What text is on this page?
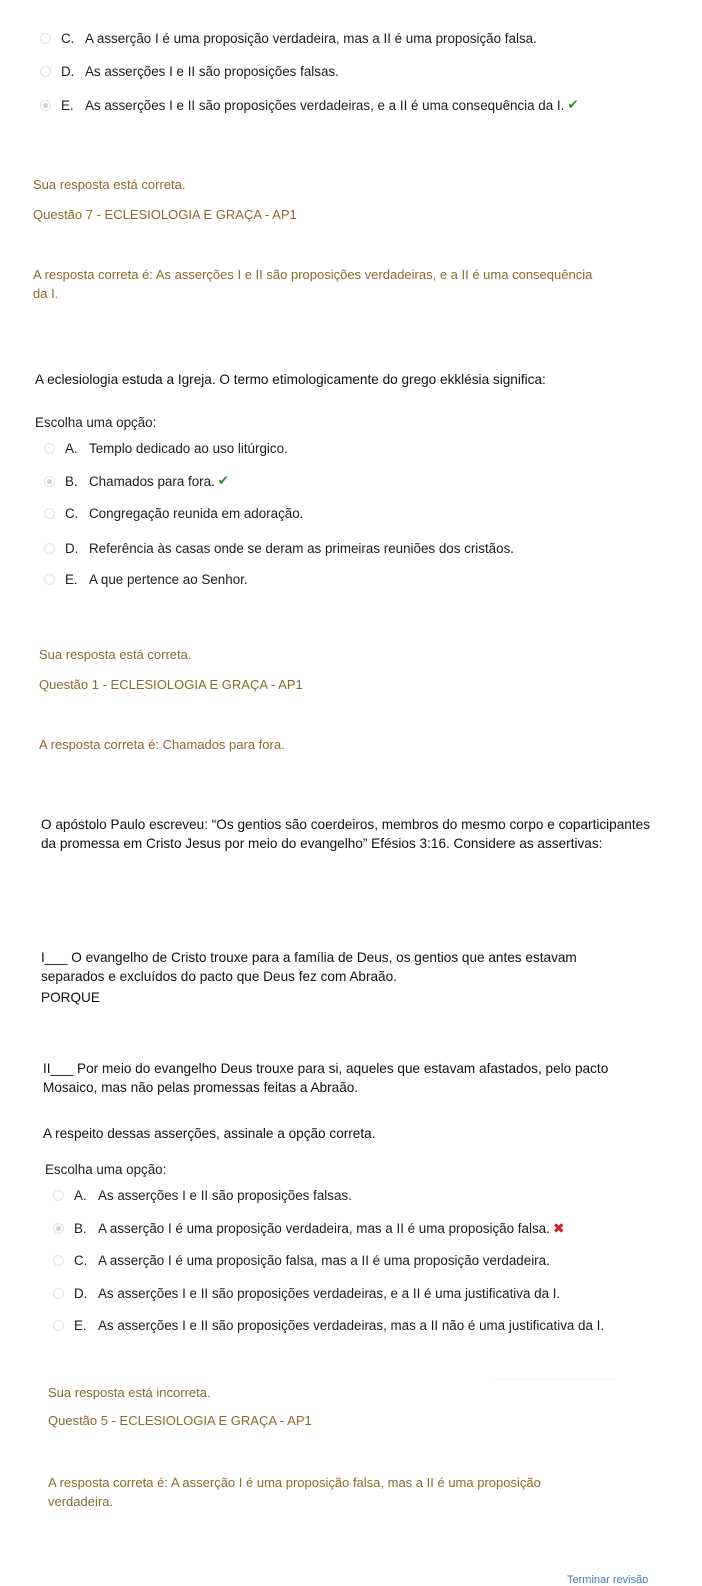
C. A asserção I é uma proposição verdadeira, mas a II é uma proposição falsa.
D. As asserções I e II são proposições falsas.
E. As asserções I e II são proposições verdadeiras, e a II é uma consequência da I. ✔
Sua resposta está correta.
Questão 7 - ECLESIOLOGIA E GRAÇA - AP1
A resposta correta é: As asserções I e II são proposições verdadeiras, e a II é uma consequência da I.
A eclesiologia estuda a Igreja. O termo etimologicamente do grego ekklésia significa:
Escolha uma opção:
A. Templo dedicado ao uso litúrgico.
B. Chamados para fora. ✔
C. Congregação reunida em adoração.
D. Referência às casas onde se deram as primeiras reuniões dos cristãos.
E. A que pertence ao Senhor.
Sua resposta está correta.
Questão 1 - ECLESIOLOGIA E GRAÇA - AP1
A resposta correta é: Chamados para fora.
O apóstolo Paulo escreveu: “Os gentios são coerdeiros, membros do mesmo corpo e coparticipantes da promessa em Cristo Jesus por meio do evangelho” Efésios 3:16. Considere as assertivas:
I___ O evangelho de Cristo trouxe para a família de Deus, os gentios que antes estavam separados e excluídos do pacto que Deus fez com Abraão.
PORQUE
II___ Por meio do evangelho Deus trouxe para si, aqueles que estavam afastados, pelo pacto Mosaico, mas não pelas promessas feitas a Abraão.
A respeito dessas asserções, assinale a opção correta.
Escolha uma opção:
A. As asserções I e II são proposições falsas.
B. A asserção I é uma proposição verdadeira, mas a II é uma proposição falsa. ✖
C. A asserção I é uma proposição falsa, mas a II é uma proposição verdadeira.
D. As asserções I e II são proposições verdadeiras, e a II é uma justificativa da I.
E. As asserções I e II são proposições verdadeiras, mas a II não é uma justificativa da I.
Sua resposta está incorreta.
Questão 5 - ECLESIOLOGIA E GRAÇA - AP1
A resposta correta é: A asserção I é uma proposição falsa, mas a II é uma proposição verdadeira.
Terminar revisão
